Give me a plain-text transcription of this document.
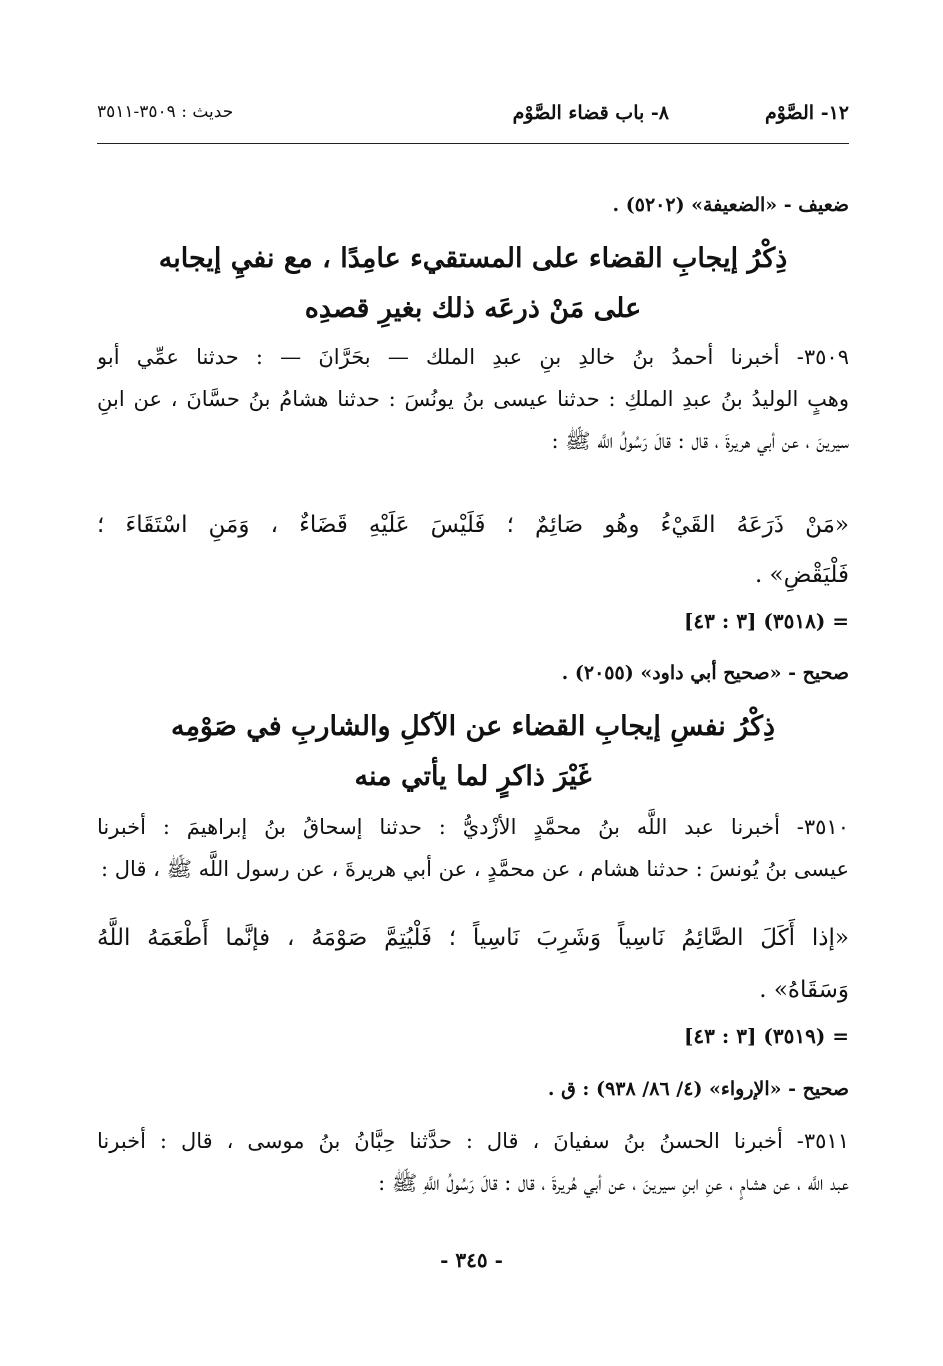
١٢- الصَّوْم
٨- باب قضاء الصَّوْم
حديث : ٣٥٠٩-٣٥١١
ضعيف - «الضعيفة» (٥٢٠٢) .
ذِكْرُ إيجابِ القضاء على المستقيء عامِدًا ، مع نفيِ إيجابه
على مَنْ ذرعَه ذلك بغيرِ قصدِه
٣٥٠٩- أخبرنا أحمدُ بنُ خالدِ بنِ عبدِ الملك — بحَرَّانَ — : حدثنا عمِّي أبو
وهبٍ الوليدُ بنُ عبدِ الملكِ : حدثنا عيسى بنُ يونُسَ : حدثنا هشامُ بنُ حسَّانَ ، عن ابنِ
سيرينَ ، عن أبي هريرةَ ، قال : قالَ رَسُولُ اللَّه ﷺ :
«مَنْ ذَرَعَهُ القَيْءُ وهُو صَائِمٌ ؛ فَلَيْسَ عَلَيْهِ قَضَاءٌ ، وَمَنِ اسْتَقَاءَ ؛
فَلْيَقْضِ» .
= (٣٥١٨) [٣ : ٤٣]
صحيح - «صحيح أبي داود» (٢٠٥٥) .
ذِكْرُ نفسِ إيجابِ القضاء عن الآكلِ والشاربِ في صَوْمِه
غَيْرَ ذاكرٍ لما يأتي منه
٣٥١٠- أخبرنا عبد اللَّه بنُ محمَّدٍ الأزْديُّ : حدثنا إسحاقُ بنُ إبراهيمَ : أخبرنا
عيسى بنُ يُونسَ : حدثنا هشام ، عن محمَّدٍ ، عن أبي هريرةَ ، عن رسول اللَّه ﷺ ، قال :
«إذا أَكَلَ الصَّائِمُ نَاسِياً وَشَرِبَ نَاسِياً ؛ فَلْيُتِمَّ صَوْمَهُ ، فإنَّما أَطْعَمَهُ اللَّهُ
وَسَقَاهُ» .
= (٣٥١٩) [٣ : ٤٣]
صحيح - «الإرواء» (٤/ ٨٦/ ٩٣٨) : ق .
٣٥١١- أخبرنا الحسنُ بنُ سفيانَ ، قال : حدَّثنا حِبَّانُ بنُ موسى ، قال : أخبرنا
عبد اللَّه ، عن هشامٍ ، عنِ ابنِ سيرينَ ، عن أبي هُريرةَ ، قال : قالَ رَسُولُ اللَّهِ ﷺ :
- ٣٤٥ -
